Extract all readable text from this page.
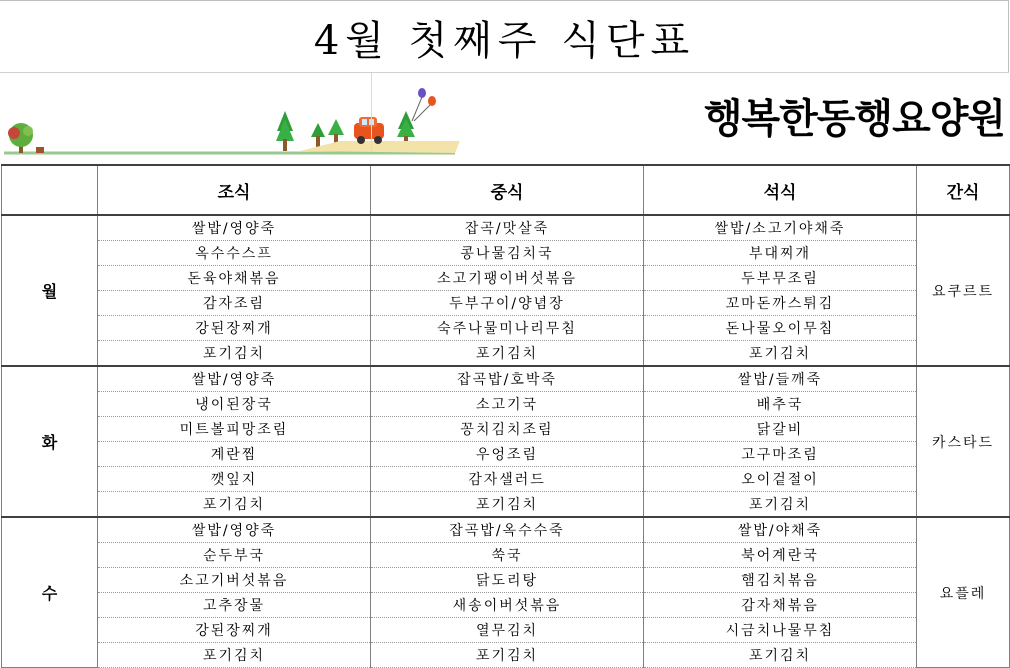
4월 첫째주 식단표
행복한동행요양원
	조식	중식	석식	간식
월	쌀밥/영양죽	잡곡/맛살죽	쌀밥/소고기야채죽	요쿠르트
	옥수수스프	콩나물김치국	부대찌개	
	돈육야채볶음	소고기팽이버섯볶음	두부무조림	
	감자조림	두부구이/양념장	꼬마돈까스튀김	
	강된장찌개	숙주나물미나리무침	돈나물오이무침	
	포기김치	포기김치	포기김치	
화	쌀밥/영양죽	잡곡밥/호박죽	쌀밥/들깨죽	카스타드
	냉이된장국	소고기국	배추국	
	미트볼피망조림	꽁치김치조림	닭갈비	
	계란찜	우엉조림	고구마조림	
	깻잎지	감자샐러드	오이겉절이	
	포기김치	포기김치	포기김치	
수	쌀밥/영양죽	잡곡밥/옥수수죽	쌀밥/야채죽	요플레
	순두부국	쑥국	북어계란국	
	소고기버섯볶음	닭도리탕	햄김치볶음	
	고추장물	새송이버섯볶음	감자채볶음	
	강된장찌개	열무김치	시금치나물무침	
	포기김치	포기김치	포기김치	
